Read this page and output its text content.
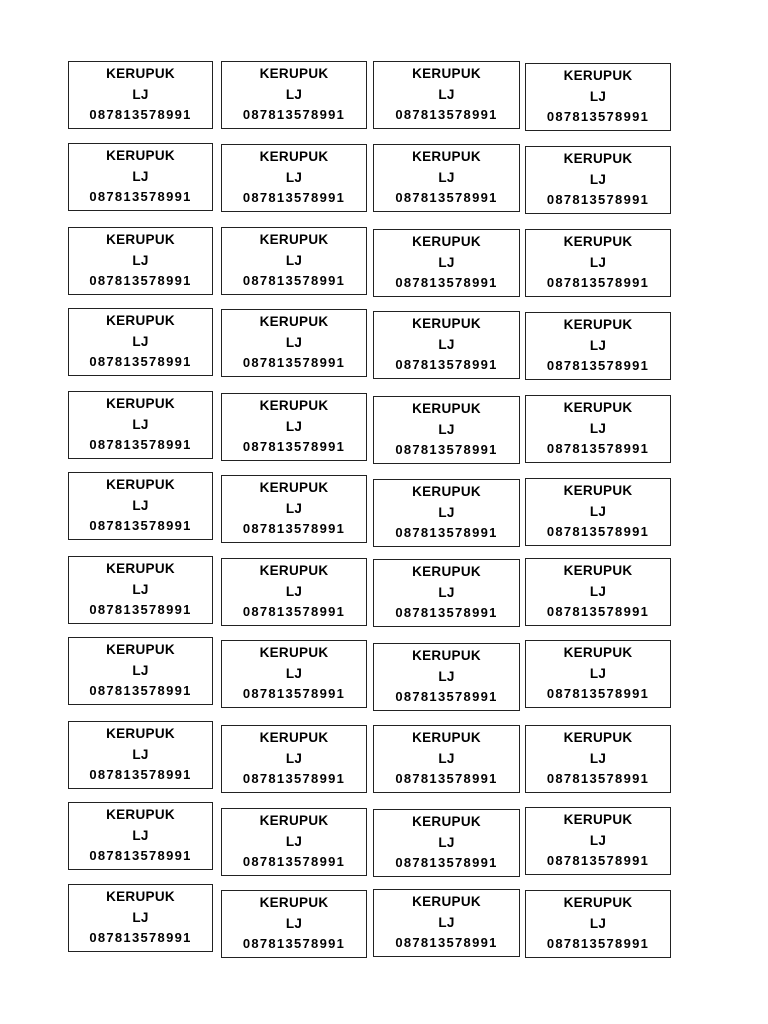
KERUPUK
LJ
087813578991
KERUPUK
LJ
087813578991
KERUPUK
LJ
087813578991
KERUPUK
LJ
087813578991
KERUPUK
LJ
087813578991
KERUPUK
LJ
087813578991
KERUPUK
LJ
087813578991
KERUPUK
LJ
087813578991
KERUPUK
LJ
087813578991
KERUPUK
LJ
087813578991
KERUPUK
LJ
087813578991
KERUPUK
LJ
087813578991
KERUPUK
LJ
087813578991
KERUPUK
LJ
087813578991
KERUPUK
LJ
087813578991
KERUPUK
LJ
087813578991
KERUPUK
LJ
087813578991
KERUPUK
LJ
087813578991
KERUPUK
LJ
087813578991
KERUPUK
LJ
087813578991
KERUPUK
LJ
087813578991
KERUPUK
LJ
087813578991
KERUPUK
LJ
087813578991
KERUPUK
LJ
087813578991
KERUPUK
LJ
087813578991
KERUPUK
LJ
087813578991
KERUPUK
LJ
087813578991
KERUPUK
LJ
087813578991
KERUPUK
LJ
087813578991
KERUPUK
LJ
087813578991
KERUPUK
LJ
087813578991
KERUPUK
LJ
087813578991
KERUPUK
LJ
087813578991
KERUPUK
LJ
087813578991
KERUPUK
LJ
087813578991
KERUPUK
LJ
087813578991
KERUPUK
LJ
087813578991
KERUPUK
LJ
087813578991
KERUPUK
LJ
087813578991
KERUPUK
LJ
087813578991
KERUPUK
LJ
087813578991
KERUPUK
LJ
087813578991
KERUPUK
LJ
087813578991
KERUPUK
LJ
087813578991
